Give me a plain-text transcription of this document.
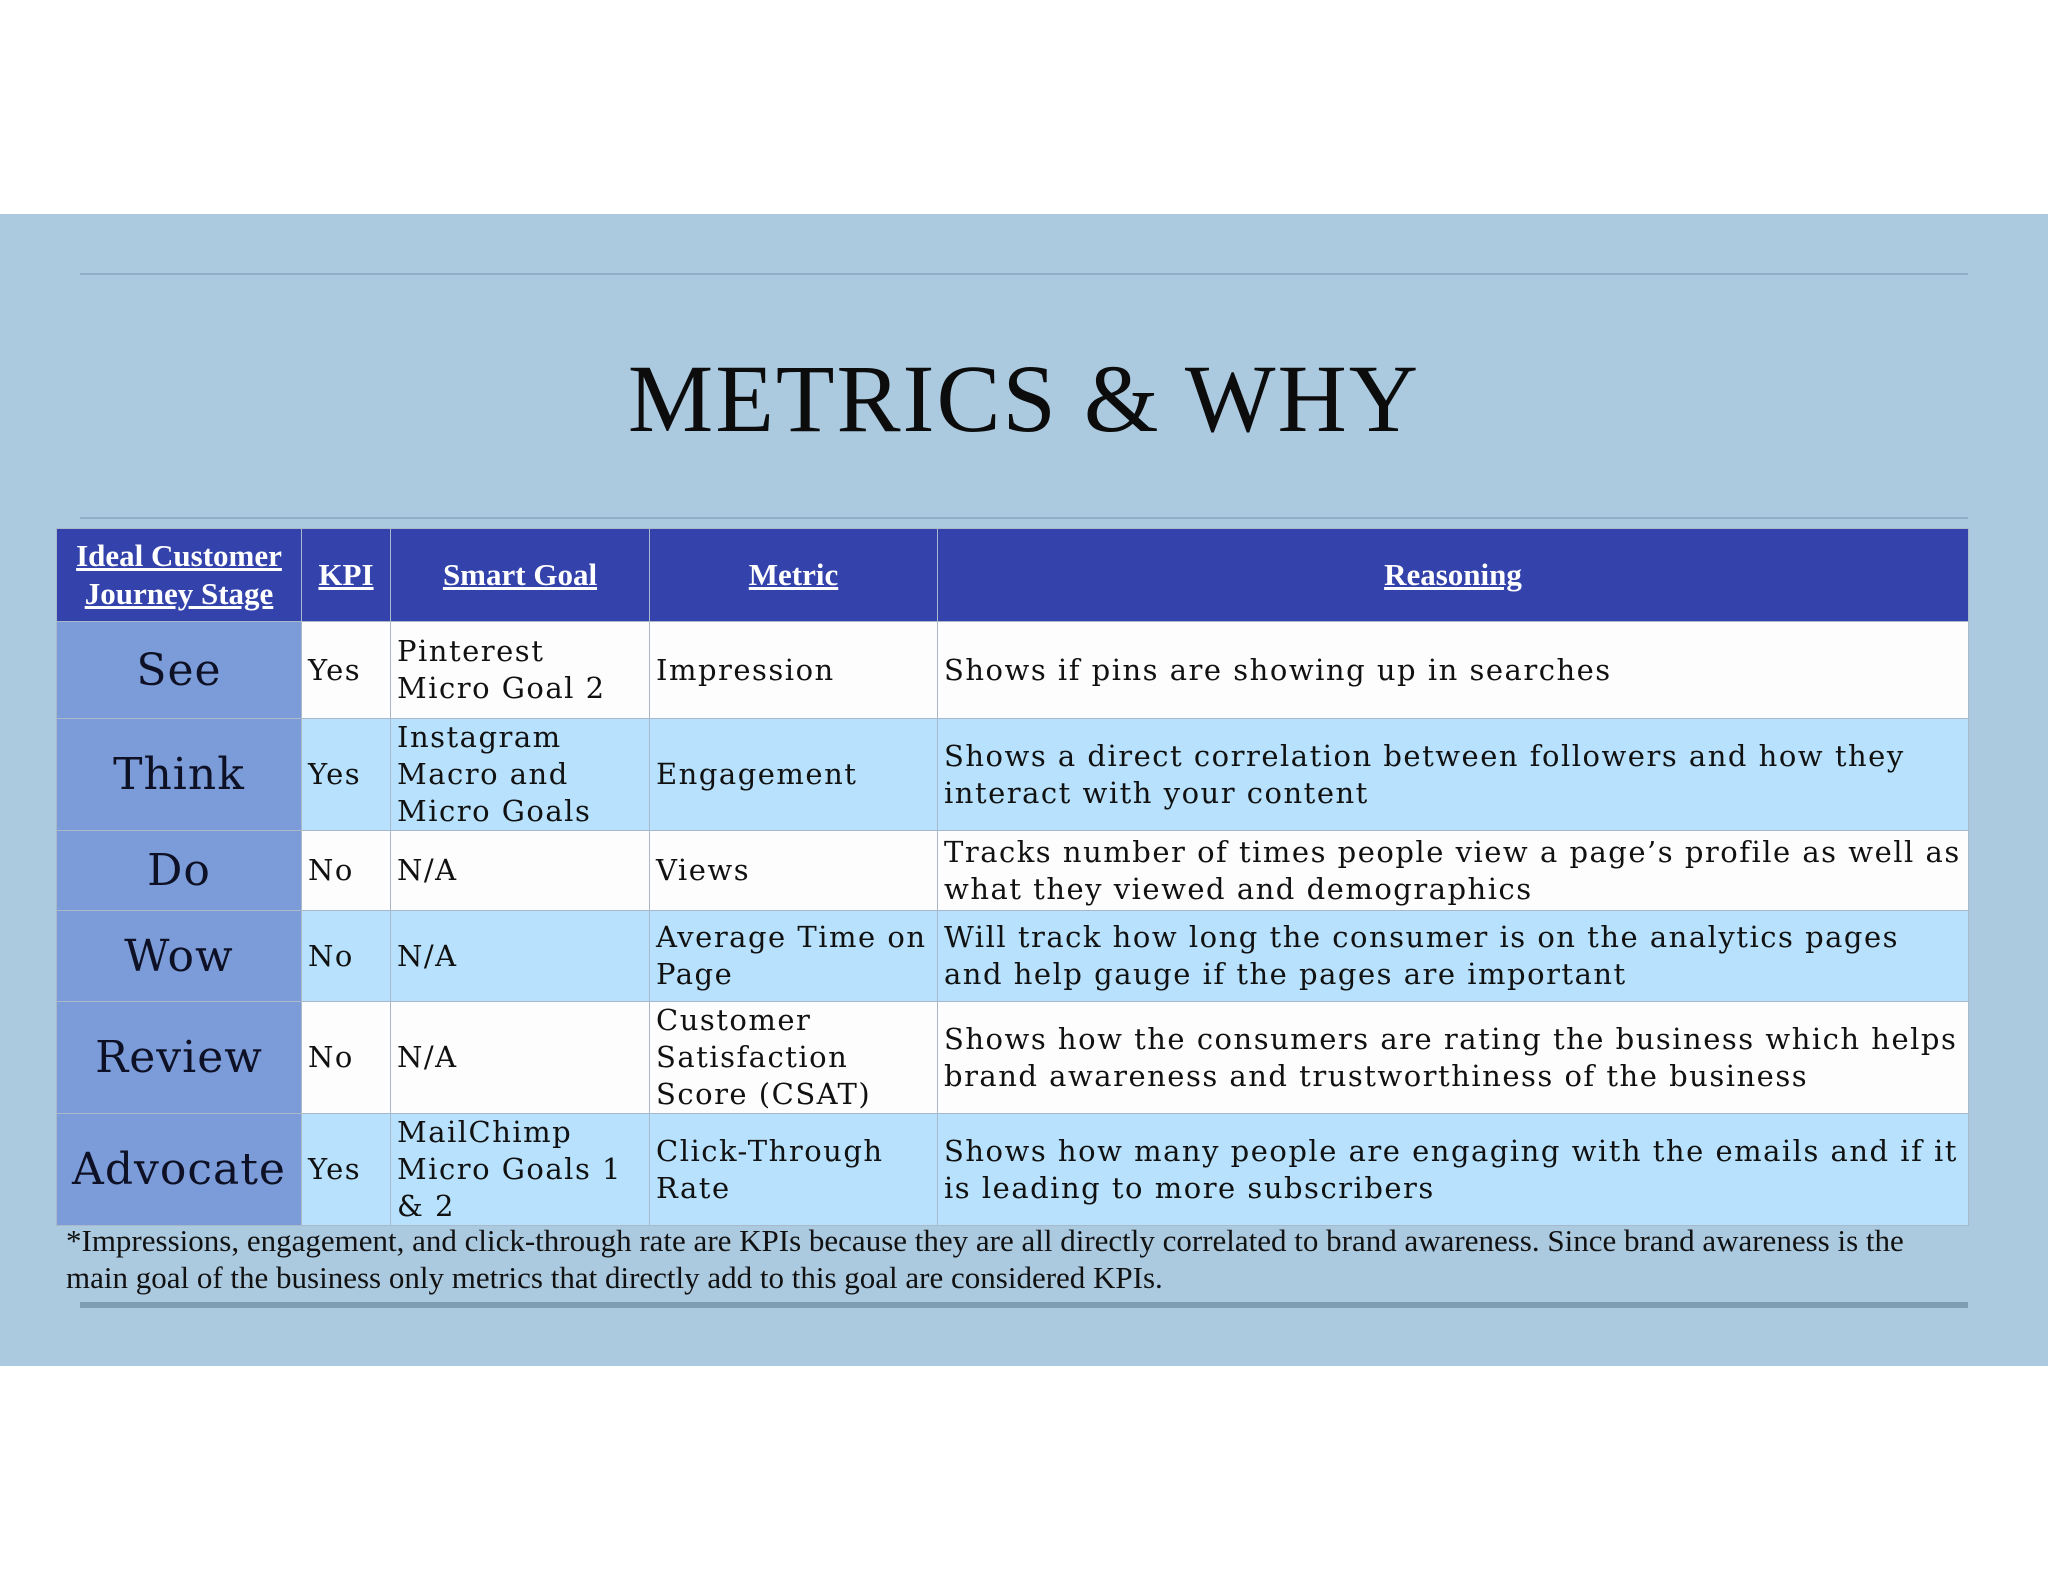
METRICS & WHY
Ideal Customer Journey Stage	KPI	Smart Goal	Metric	Reasoning
See	Yes	Pinterest Micro Goal 2	Impression	Shows if pins are showing up in searches
Think	Yes	Instagram Macro and Micro Goals	Engagement	Shows a direct correlation between followers and how they interact with your content
Do	No	N/A	Views	Tracks number of times people view a page’s profile as well as what they viewed and demographics
Wow	No	N/A	Average Time on Page	Will track how long the consumer is on the analytics pages and help gauge if the pages are important
Review	No	N/A	Customer Satisfaction Score (CSAT)	Shows how the consumers are rating the business which helps brand awareness and trustworthiness of the business
Advocate	Yes	MailChimp Micro Goals 1 & 2	Click-Through Rate	Shows how many people are engaging with the emails and if it is leading to more subscribers
*Impressions, engagement, and click-through rate are KPIs because they are all directly correlated to brand awareness. Since brand awareness is the main goal of the business only metrics that directly add to this goal are considered KPIs.
